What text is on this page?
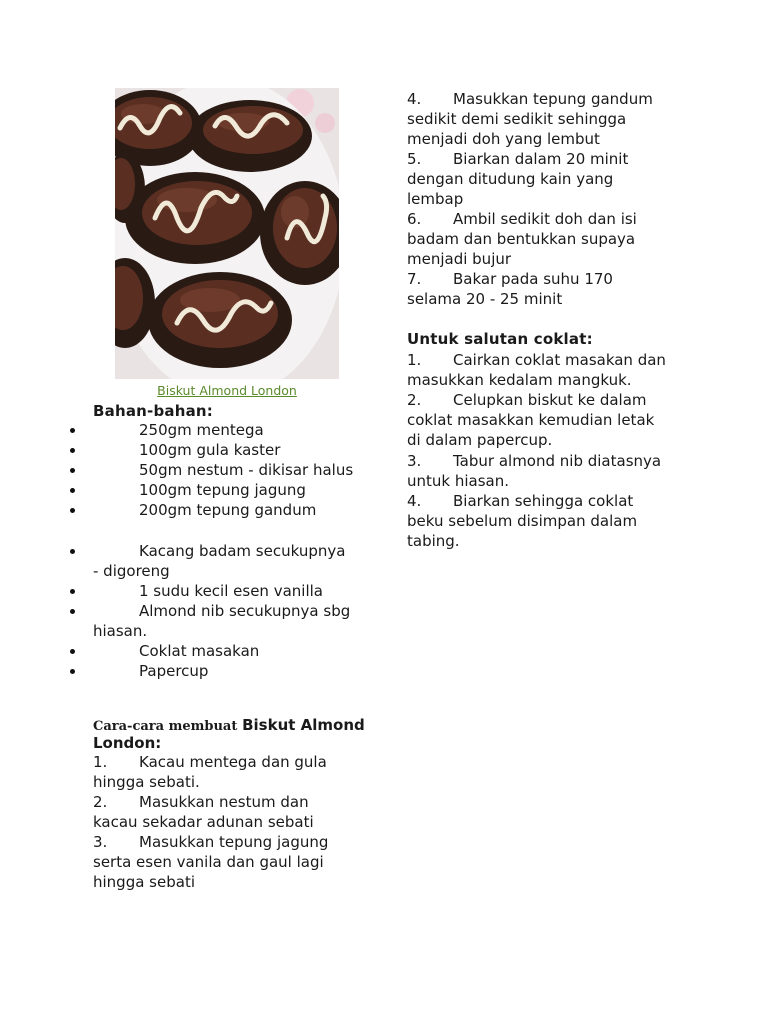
Biskut Almond London
Bahan-bahan:
250gm mentega
100gm gula kaster
50gm nestum - dikisar halus
100gm tepung jagung
200gm tepung gandum
Kacang badam secukupnya
- digoreng
1 sudu kecil esen vanilla
Almond nib secukupnya sbg
hiasan.
Coklat masakan
Papercup
Cara-cara membuat Biskut Almond
London:
1. Kacau mentega dan gula
hingga sebati.
2. Masukkan nestum dan
kacau sekadar adunan sebati
3. Masukkan tepung jagung
serta esen vanila dan gaul lagi
hingga sebati
4. Masukkan tepung gandum
sedikit demi sedikit sehingga
menjadi doh yang lembut
5. Biarkan dalam 20 minit
dengan ditudung kain yang
lembap
6. Ambil sedikit doh dan isi
badam dan bentukkan supaya
menjadi bujur
7. Bakar pada suhu 170
selama 20 - 25 minit
Untuk salutan coklat:
1. Cairkan coklat masakan dan
masukkan kedalam mangkuk.
2. Celupkan biskut ke dalam
coklat masakkan kemudian letak
di dalam papercup.
3. Tabur almond nib diatasnya
untuk hiasan.
4. Biarkan sehingga coklat
beku sebelum disimpan dalam
tabing.
